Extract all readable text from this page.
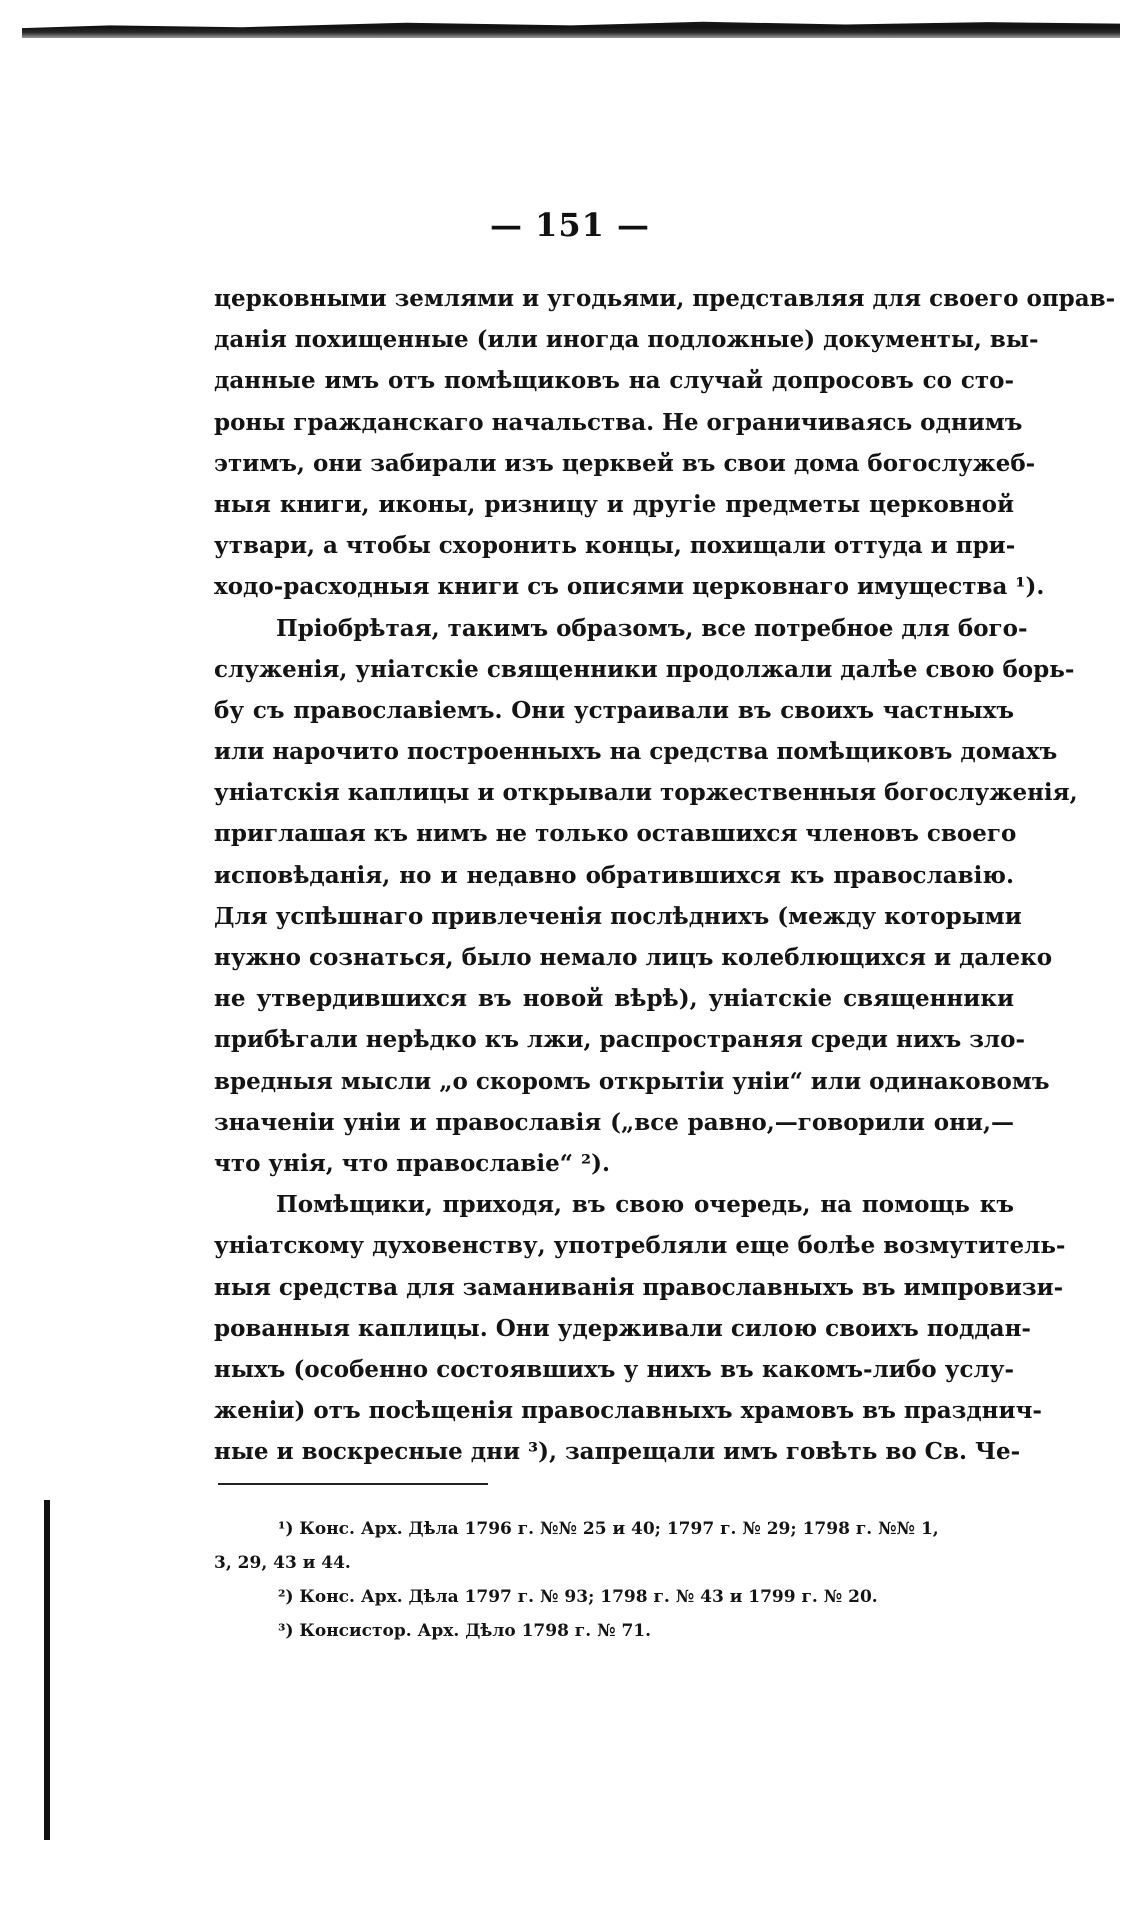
— 151 —
церковными землями и угодьями, представляя для своего оправ-
данія похищенные (или иногда подложные) документы, вы-
данные имъ отъ помѣщиковъ на случай допросовъ со сто-
роны гражданскаго начальства. Не ограничиваясь однимъ
этимъ, они забирали изъ церквей въ свои дома богослужеб-
ныя книги, иконы, ризницу и другіе предметы церковной
утвари, а чтобы схоронить концы, похищали оттуда и при-
ходо-расходныя книги съ описями церковнаго имущества ¹).
Пріобрѣтая, такимъ образомъ, все потребное для бого-
служенія, уніатскіе священники продолжали далѣе свою борь-
бу съ православіемъ. Они устраивали въ своихъ частныхъ
или нарочито построенныхъ на средства помѣщиковъ домахъ
уніатскія каплицы и открывали торжественныя богослуженія,
приглашая къ нимъ не только оставшихся членовъ своего
исповѣданія, но и недавно обратившихся къ православію.
Для успѣшнаго привлеченія послѣднихъ (между которыми
нужно сознаться, было немало лицъ колеблющихся и далеко
не утвердившихся въ новой вѣрѣ), уніатскіе священники
прибѣгали нерѣдко къ лжи, распространяя среди нихъ зло-
вредныя мысли „о скоромъ открытіи уніи“ или одинаковомъ
значеніи уніи и православія („все равно,—говорили они,—
что унія, что православіе“ ²).
Помѣщики, приходя, въ свою очередь, на помощь къ
уніатскому духовенству, употребляли еще болѣе возмутитель-
ныя средства для заманиванія православныхъ въ импровизи-
рованныя каплицы. Они удерживали силою своихъ поддан-
ныхъ (особенно состоявшихъ у нихъ въ какомъ-либо услу-
женіи) отъ посѣщенія православныхъ храмовъ въ празднич-
ные и воскресные дни ³), запрещали имъ говѣть во Св. Че-
¹) Конс. Арх. Дѣла 1796 г. №№ 25 и 40; 1797 г. № 29; 1798 г. №№ 1,
3, 29, 43 и 44.
²) Конс. Арх. Дѣла 1797 г. № 93; 1798 г. № 43 и 1799 г. № 20.
³) Консистор. Арх. Дѣло 1798 г. № 71.
